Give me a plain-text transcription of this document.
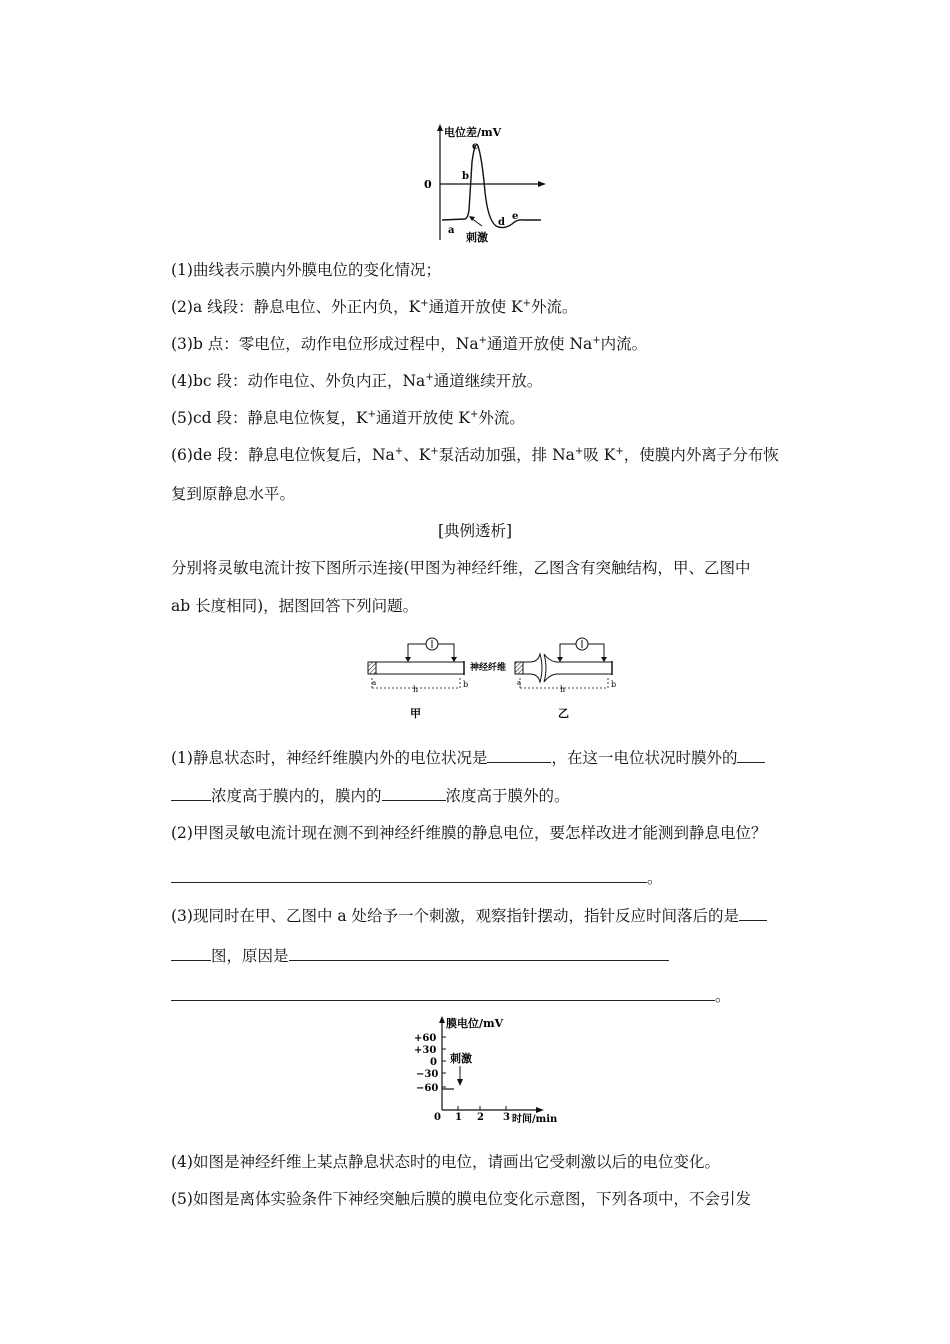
电位差/mV
0
a
b
c
d
e
刺激
(1)曲线表示膜内外膜电位的变化情况；
(2)a 线段：静息电位、外正内负，K+通道开放使 K+外流。
(3)b 点：零电位，动作电位形成过程中，Na+通道开放使 Na+内流。
(4)bc 段：动作电位、外负内正，Na+通道继续开放。
(5)cd 段：静息电位恢复，K+通道开放使 K+外流。
(6)de 段：静息电位恢复后，Na+、K+泵活动加强，排 Na+吸 K+，使膜内外离子分布恢
复到原静息水平。
[典例透析]
分别将灵敏电流计按下图所示连接(甲图为神经纤维，乙图含有突触结构，甲、乙图中
ab 长度相同)，据图回答下列问题。
a	b
h
甲
神经纤维
a	b
h
乙
(1)静息状态时，神经纤维膜内外的电位状况是	，在这一电位状况时膜外的
浓度高于膜内的，膜内的	浓度高于膜外的。
(2)甲图灵敏电流计现在测不到神经纤维膜的静息电位，要怎样改进才能测到静息电位？
。
(3)现同时在甲、乙图中 a 处给予一个刺激，观察指针摆动，指针反应时间落后的是
图，原因是
。
膜电位/mV
+60
+30
0
−30
−60
0 1 2 3 时间/min
刺激
(4)如图是神经纤维上某点静息状态时的电位，请画出它受刺激以后的电位变化。
(5)如图是离体实验条件下神经突触后膜的膜电位变化示意图，下列各项中，不会引发
